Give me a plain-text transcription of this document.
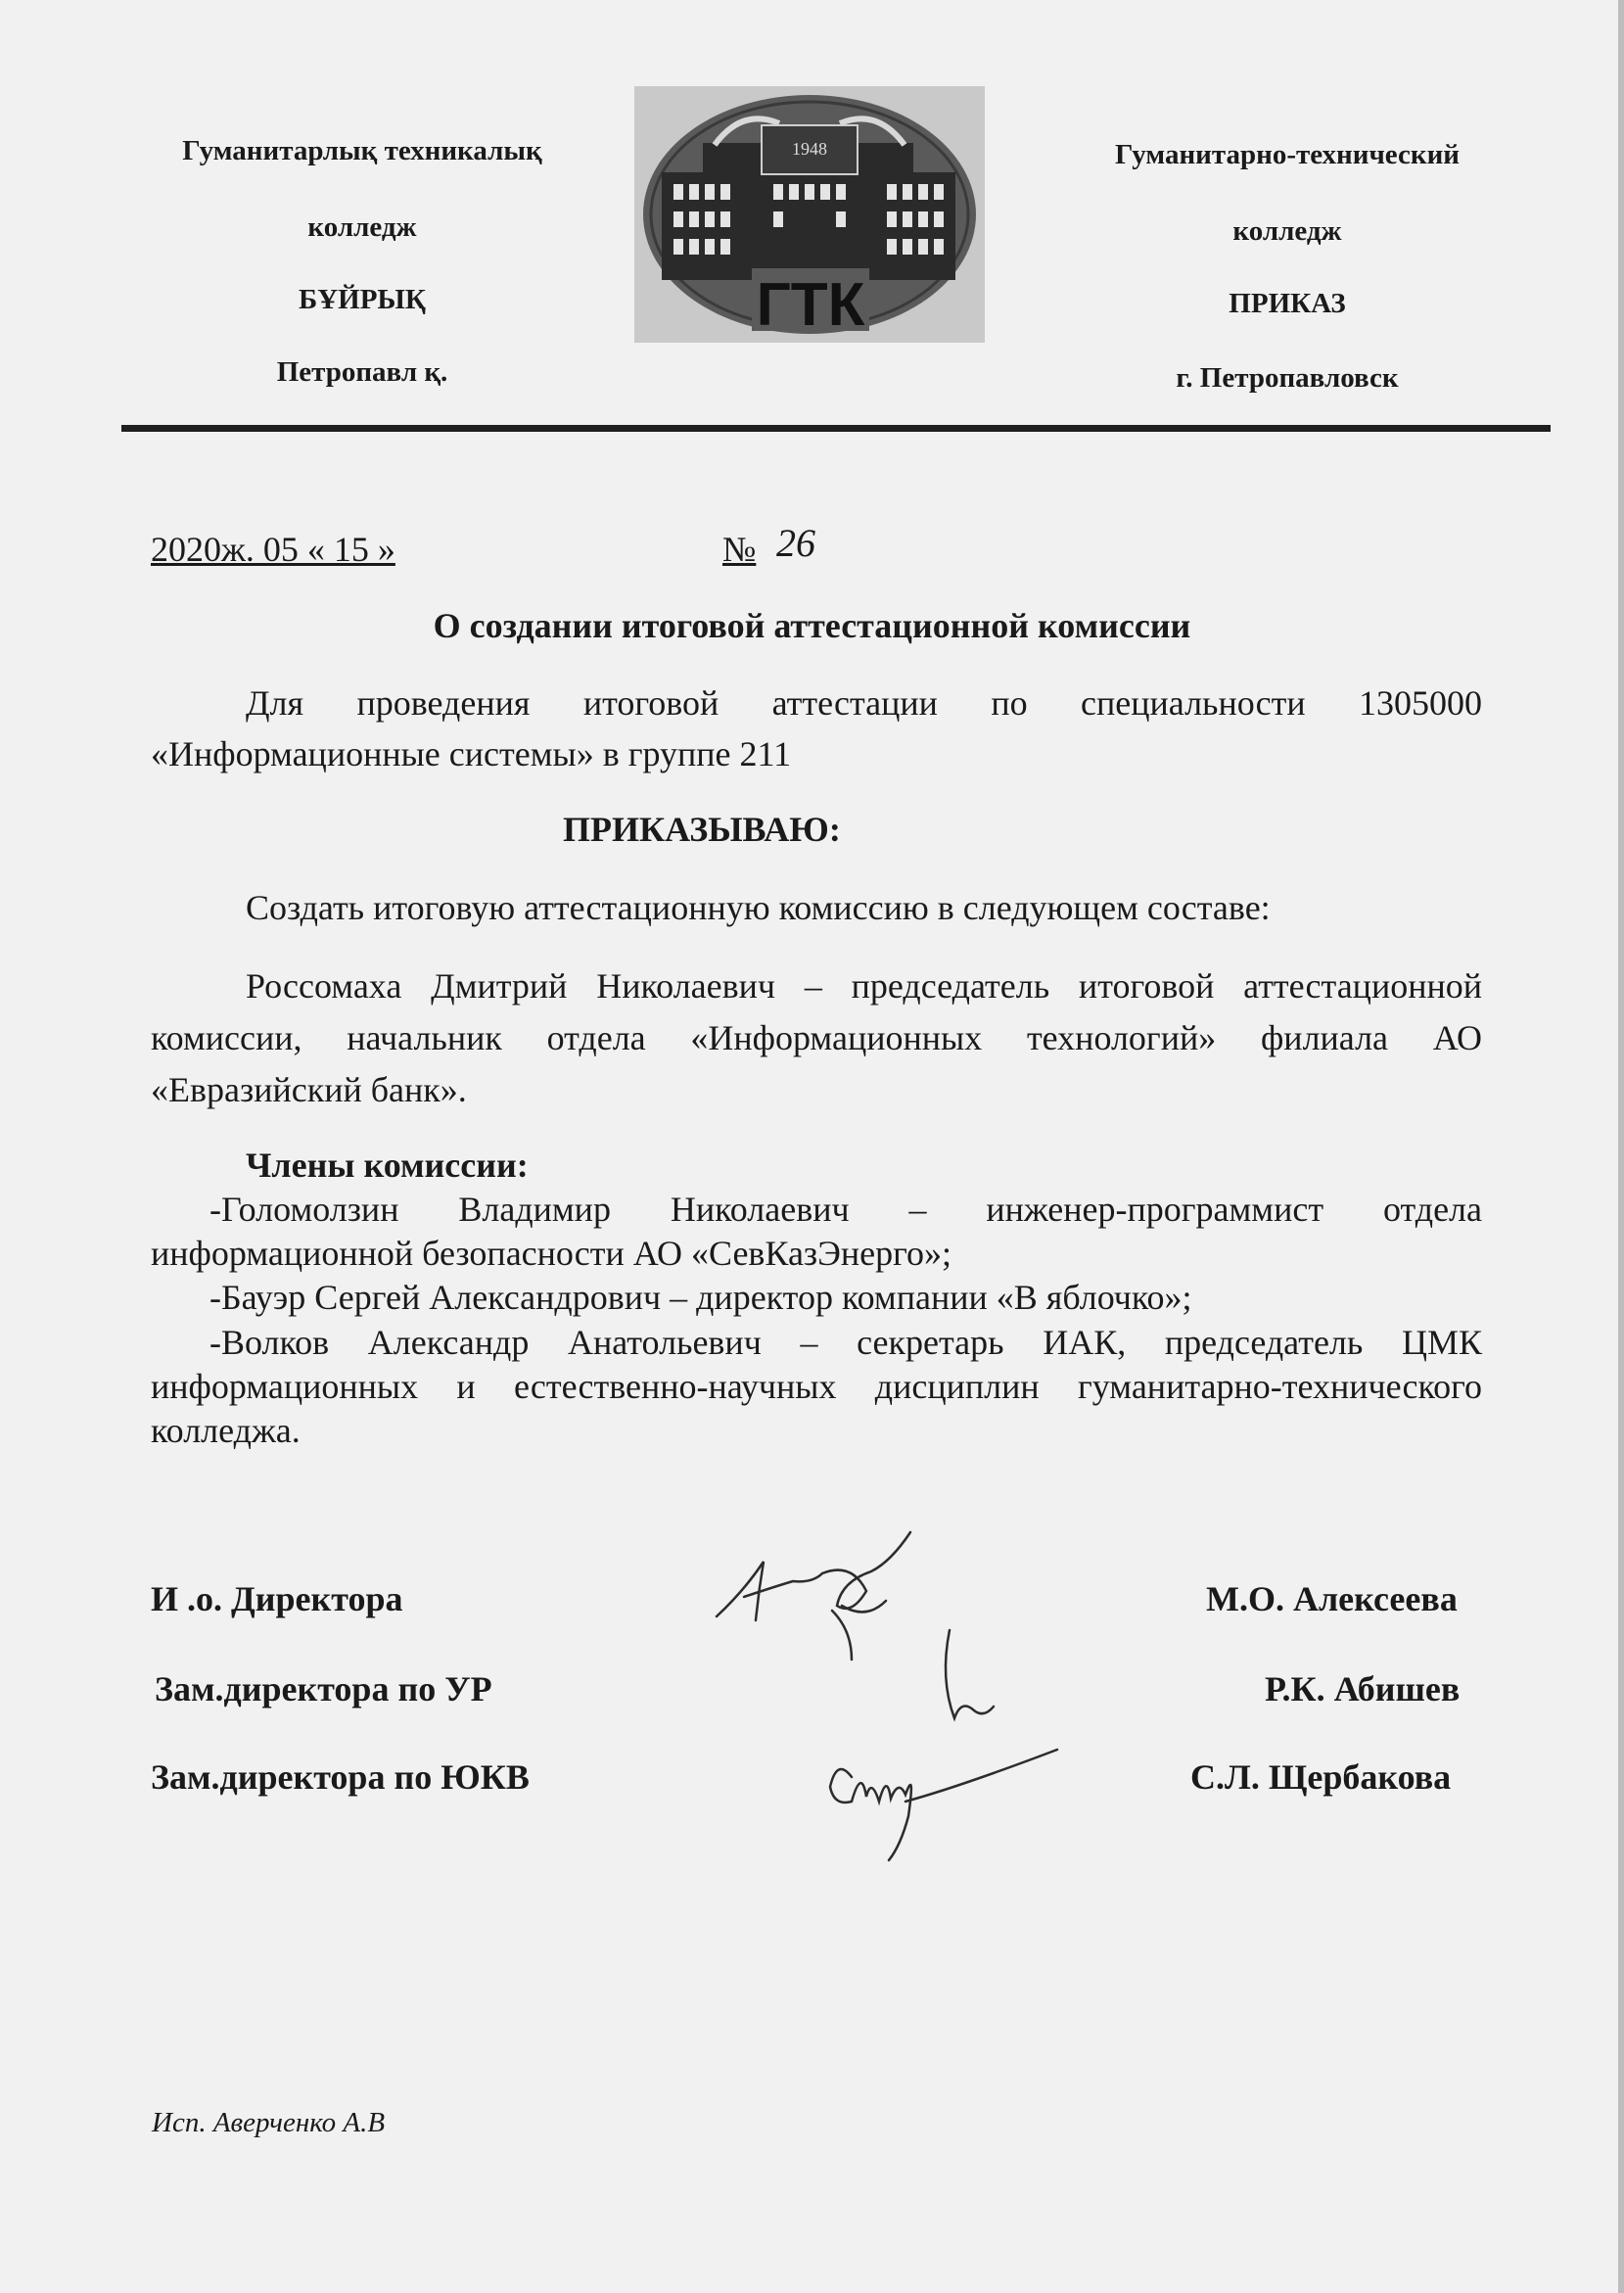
Гуманитарлық техникалық
колледж
БҰЙРЫҚ
Петропавл қ.
1948
ГТК
Гуманитарно-технический
колледж
ПРИКАЗ
г. Петропавловск
2020ж. 05 « 15 »	№ 26
О создании итоговой аттестационной комиссии
Для проведения итоговой аттестации по специальности 1305000
«Информационные системы» в группе 211
ПРИКАЗЫВАЮ:
Создать итоговую аттестационную комиссию в следующем составе:
Россомаха Дмитрий Николаевич – председатель итоговой аттестационной
комиссии, начальник отдела «Информационных технологий» филиала АО
«Евразийский банк».
Члены комиссии:
-Голомолзин Владимир Николаевич – инженер-программист отдела
информационной безопасности АО «СевКазЭнерго»;
-Бауэр Сергей Александрович – директор компании «В яблочко»;
-Волков Александр Анатольевич – секретарь ИАК, председатель ЦМК
информационных и естественно-научных дисциплин гуманитарно-технического
колледжа.
И .о. Директора	М.О. Алексеева
Зам.директора по УР	Р.К. Абишев
Зам.директора по ЮКВ	С.Л. Щербакова
Исп. Аверченко А.В
